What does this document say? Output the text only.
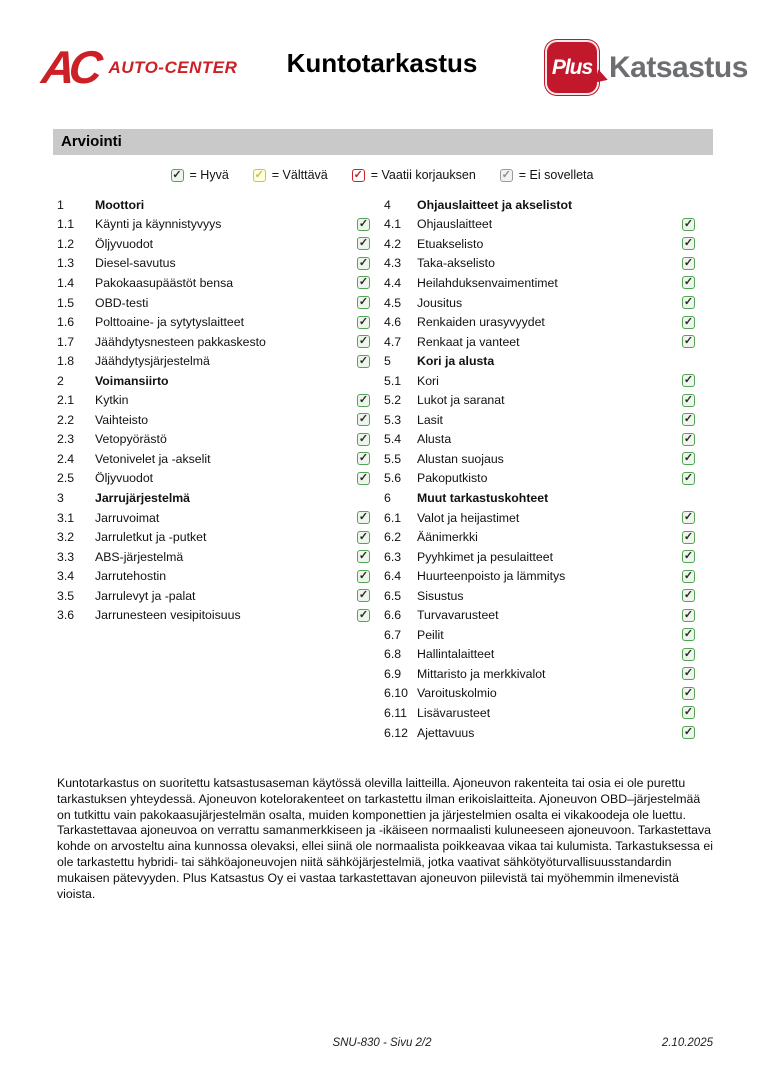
AC AUTO-CENTER	Kuntotarkastus	Plus Katsastus
Arviointi
✓ = Hyvä ✓ = Välttävä ✓ = Vaatii korjauksen ✓ = Ei sovelleta
1	Moottori
1.1	Käynti ja käynnistyvyys	✓
1.2	Öljyvuodot	✓
1.3	Diesel-savutus	✓
1.4	Pakokaasupäästöt bensa	✓
1.5	OBD-testi	✓
1.6	Polttoaine- ja sytytyslaitteet	✓
1.7	Jäähdytysnesteen pakkaskesto	✓
1.8	Jäähdytysjärjestelmä	✓
2	Voimansiirto
2.1	Kytkin	✓
2.2	Vaihteisto	✓
2.3	Vetopyörästö	✓
2.4	Vetonivelet ja -akselit	✓
2.5	Öljyvuodot	✓
3	Jarrujärjestelmä
3.1	Jarruvoimat	✓
3.2	Jarruletkut ja -putket	✓
3.3	ABS-järjestelmä	✓
3.4	Jarrutehostin	✓
3.5	Jarrulevyt ja -palat	✓
3.6	Jarrunesteen vesipitoisuus	✓
4	Ohjauslaitteet ja akselistot
4.1	Ohjauslaitteet	✓
4.2	Etuakselisto	✓
4.3	Taka-akselisto	✓
4.4	Heilahduksenvaimentimet	✓
4.5	Jousitus	✓
4.6	Renkaiden urasyvyydet	✓
4.7	Renkaat ja vanteet	✓
5	Kori ja alusta
5.1	Kori	✓
5.2	Lukot ja saranat	✓
5.3	Lasit	✓
5.4	Alusta	✓
5.5	Alustan suojaus	✓
5.6	Pakoputkisto	✓
6	Muut tarkastuskohteet
6.1	Valot ja heijastimet	✓
6.2	Äänimerkki	✓
6.3	Pyyhkimet ja pesulaitteet	✓
6.4	Huurteenpoisto ja lämmitys	✓
6.5	Sisustus	✓
6.6	Turvavarusteet	✓
6.7	Peilit	✓
6.8	Hallintalaitteet	✓
6.9	Mittaristo ja merkkivalot	✓
6.10 Varoituskolmio	✓
6.11 Lisävarusteet	✓
6.12 Ajettavuus	✓
Kuntotarkastus on suoritettu katsastusaseman käytössä olevilla laitteilla. Ajoneuvon rakenteita tai osia ei ole purettu tarkastuksen yhteydessä. Ajoneuvon kotelorakenteet on tarkastettu ilman erikoislaitteita. Ajoneuvon OBD–järjestelmää on tutkittu vain pakokaasujärjestelmän osalta, muiden komponettien ja järjestelmien osalta ei vikakoodeja ole luettu. Tarkastettavaa ajoneuvoa on verrattu samanmerkkiseen ja -ikäiseen normaalisti kuluneeseen ajoneuvoon. Tarkastettava kohde on arvosteltu aina kunnossa olevaksi, ellei siinä ole normaalista poikkeavaa vikaa tai kulumista. Tarkastuksessa ei ole tarkastettu hybridi- tai sähköajoneuvojen niitä sähköjärjestelmiä, jotka vaativat sähkötyöturvallisuusstandardin mukaisen pätevyyden. Plus Katsastus Oy ei vastaa tarkastettavan ajoneuvon piilevistä tai myöhemmin ilmenevistä vioista.
SNU-830 - Sivu 2/2	2.10.2025
